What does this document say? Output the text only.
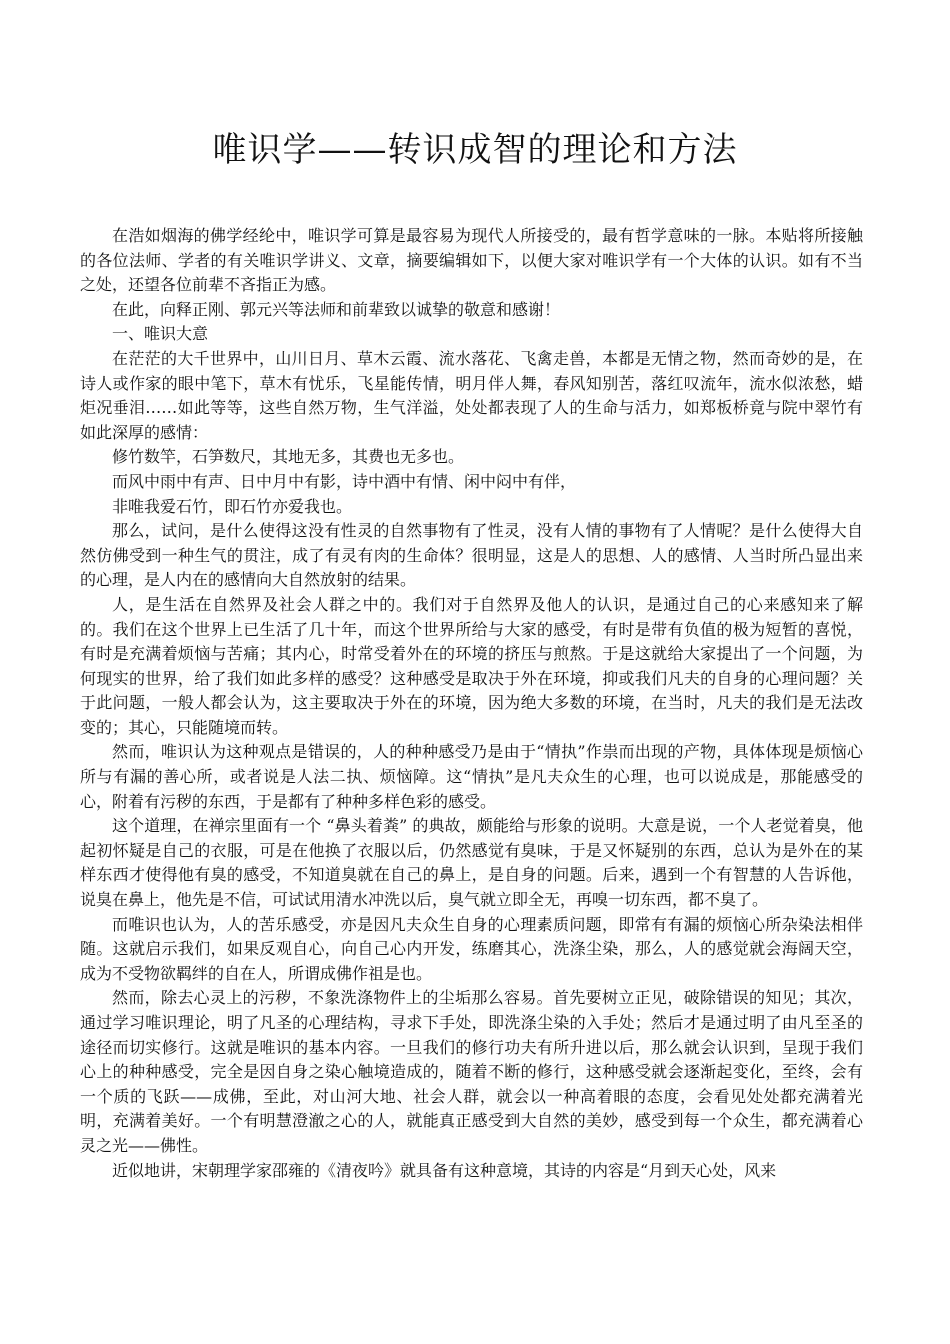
唯识学——转识成智的理论和方法

在浩如烟海的佛学经纶中，唯识学可算是最容易为现代人所接受的，最有哲学意味的一脉。本贴将所接触的各位法师、学者的有关唯识学讲义、文章，摘要编辑如下，以便大家对唯识学有一个大体的认识。如有不当之处，还望各位前辈不吝指正为感。

在此，向释正刚、郭元兴等法师和前辈致以诚挚的敬意和感谢！

一、唯识大意

在茫茫的大千世界中，山川日月、草木云霞、流水落花、飞禽走兽，本都是无情之物，然而奇妙的是，在诗人或作家的眼中笔下，草木有忧乐，飞星能传情，明月伴人舞，春风知别苦，落红叹流年，流水似浓愁，蜡炬况垂泪……如此等等，这些自然万物，生气洋溢，处处都表现了人的生命与活力，如郑板桥竟与院中翠竹有如此深厚的感情：

修竹数竿，石笋数尺，其地无多，其费也无多也。

而风中雨中有声、日中月中有影，诗中酒中有情、闲中闷中有伴，

非唯我爱石竹，即石竹亦爱我也。

那么，试问，是什么使得这没有性灵的自然事物有了性灵，没有人情的事物有了人情呢？是什么使得大自然仿佛受到一种生气的贯注，成了有灵有肉的生命体？很明显，这是人的思想、人的感情、人当时所凸显出来的心理，是人内在的感情向大自然放射的结果。

人，是生活在自然界及社会人群之中的。我们对于自然界及他人的认识，是通过自己的心来感知来了解的。我们在这个世界上已生活了几十年，而这个世界所给与大家的感受，有时是带有负值的极为短暂的喜悦，有时是充满着烦恼与苦痛；其内心，时常受着外在的环境的挤压与煎熬。于是这就给大家提出了一个问题，为何现实的世界，给了我们如此多样的感受？这种感受是取决于外在环境，抑或我们凡夫的自身的心理问题？关于此问题，一般人都会认为，这主要取决于外在的环境，因为绝大多数的环境，在当时，凡夫的我们是无法改变的；其心，只能随境而转。

然而，唯识认为这种观点是错误的，人的种种感受乃是由于“情执”作祟而出现的产物，具体体现是烦恼心所与有漏的善心所，或者说是人法二执、烦恼障。这“情执”是凡夫众生的心理，也可以说成是，那能感受的心，附着有污秽的东西，于是都有了种种多样色彩的感受。

这个道理，在禅宗里面有一个 “鼻头着粪” 的典故，颇能给与形象的说明。大意是说，一个人老觉着臭，他起初怀疑是自己的衣服，可是在他换了衣服以后，仍然感觉有臭味，于是又怀疑别的东西，总认为是外在的某样东西才使得他有臭的感受，不知道臭就在自己的鼻上，是自身的问题。后来，遇到一个有智慧的人告诉他，说臭在鼻上，他先是不信，可试试用清水冲洗以后，臭气就立即全无，再嗅一切东西，都不臭了。

而唯识也认为，人的苦乐感受，亦是因凡夫众生自身的心理素质问题，即常有有漏的烦恼心所杂染法相伴随。这就启示我们，如果反观自心，向自己心内开发，练磨其心，洗涤尘染，那么，人的感觉就会海阔天空，成为不受物欲羁绊的自在人，所谓成佛作祖是也。

然而，除去心灵上的污秽，不象洗涤物件上的尘垢那么容易。首先要树立正见，破除错误的知见；其次，通过学习唯识理论，明了凡圣的心理结构，寻求下手处，即洗涤尘染的入手处；然后才是通过明了由凡至圣的途径而切实修行。这就是唯识的基本内容。一旦我们的修行功夫有所升进以后，那么就会认识到，呈现于我们心上的种种感受，完全是因自身之染心触境造成的，随着不断的修行，这种感受就会逐渐起变化，至终，会有一个质的飞跃——成佛，至此，对山河大地、社会人群，就会以一种高着眼的态度，会看见处处都充满着光明，充满着美好。一个有明慧澄澈之心的人，就能真正感受到大自然的美妙，感受到每一个众生，都充满着心灵之光——佛性。

近似地讲，宋朝理学家邵雍的《清夜吟》就具备有这种意境，其诗的内容是“月到天心处，风来
